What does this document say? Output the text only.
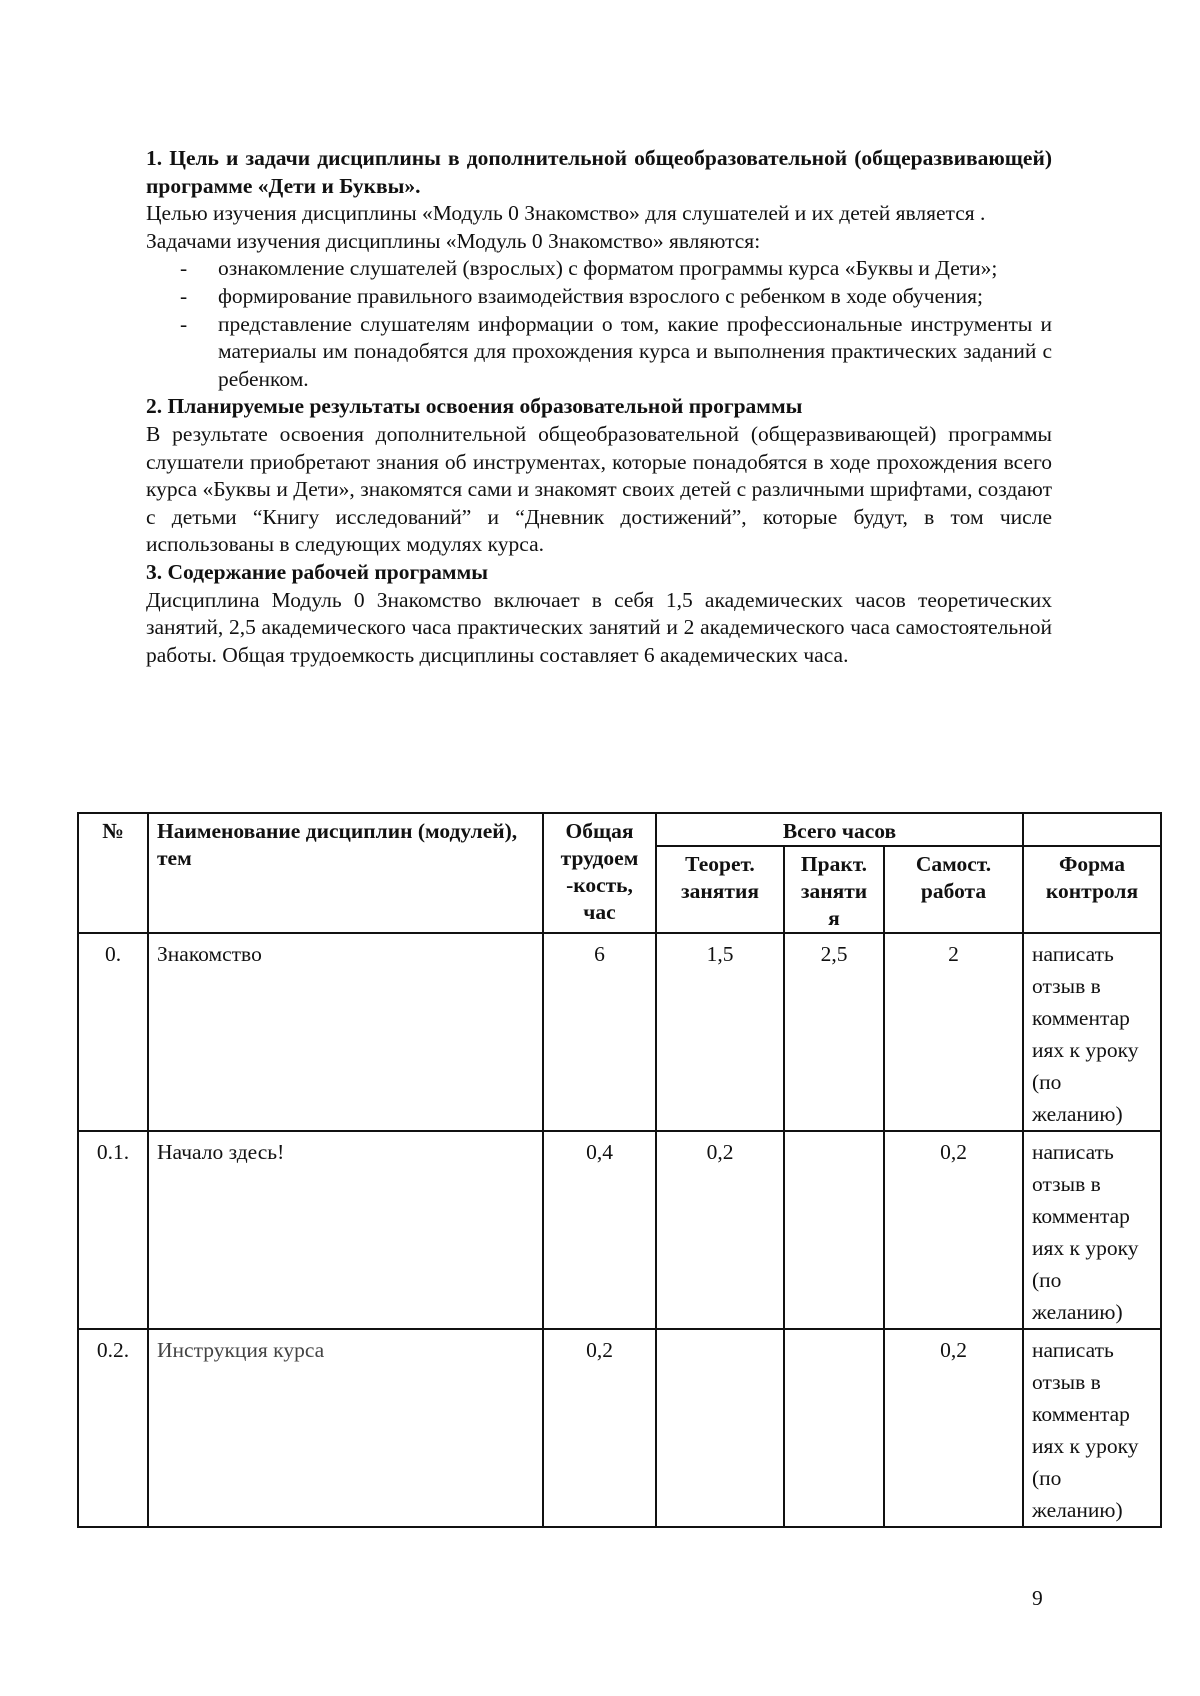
1. Цель и задачи дисциплины в дополнительной общеобразовательной (общеразвивающей) программе «Дети и Буквы».

Целью изучения дисциплины «Модуль 0 Знакомство» для слушателей и их детей является .

Задачами изучения дисциплины «Модуль 0 Знакомство» являются:

- ознакомление слушателей (взрослых) с форматом программы курса «Буквы и Дети»;
- формирование правильного взаимодействия взрослого с ребенком в ходе обучения;
- представление слушателям информации о том, какие профессиональные инструменты и материалы им понадобятся для прохождения курса и выполнения практических заданий с ребенком.

2. Планируемые результаты освоения образовательной программы

В результате освоения дополнительной общеобразовательной (общеразвивающей) программы слушатели приобретают знания об инструментах, которые понадобятся в ходе прохождения всего курса «Буквы и Дети», знакомятся сами и знакомят своих детей с различными шрифтами, создают с детьми “Книгу исследований” и “Дневник достижений”, которые будут, в том числе использованы в следующих модулях курса.

3. Содержание рабочей программы

Дисциплина Модуль 0 Знакомство включает в себя 1,5 академических часов теоретических занятий, 2,5 академического часа практических занятий и 2 академического часа самостоятельной работы. Общая трудоемкость дисциплины составляет 6 академических часа.

№	Наименование дисциплин (модулей), тем	Общая трудоем -кость, час	Всего часов			
			Теорет. занятия	Практ. заняти я	Самост. работа	Форма контроля
0.	Знакомство	6	1,5	2,5	2	написать отзыв в комментар иях к уроку (по желанию)
0.1.	Начало здесь!	0,4	0,2		0,2	написать отзыв в комментар иях к уроку (по желанию)
0.2.	Инструкция курса	0,2			0,2	написать отзыв в комментар иях к уроку (по желанию)
9
